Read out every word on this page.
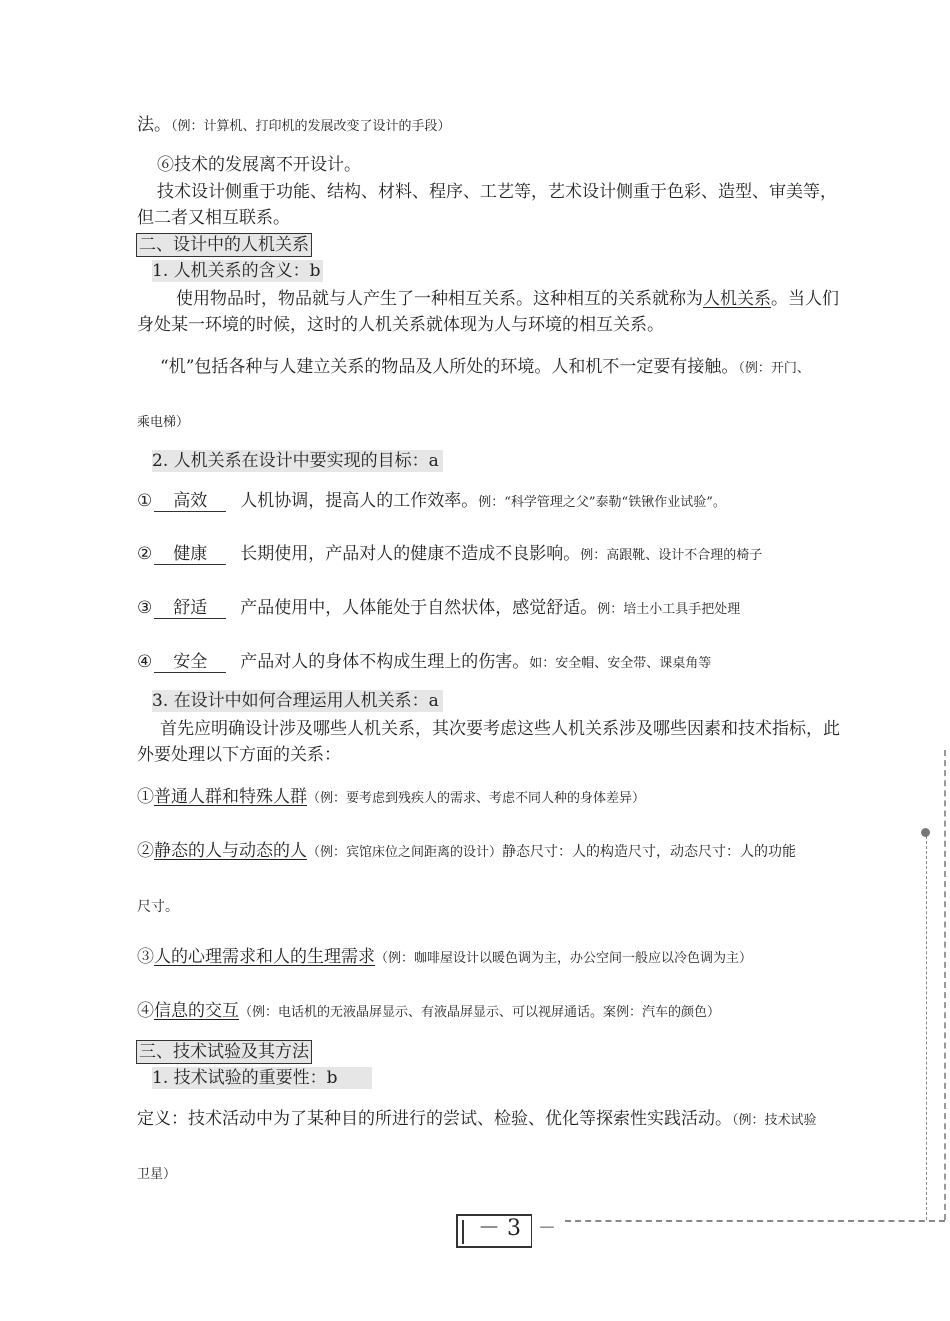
法。（例：计算机、打印机的发展改变了设计的手段）
⑥技术的发展离不开设计。
技术设计侧重于功能、结构、材料、程序、工艺等，艺术设计侧重于色彩、造型、审美等，
但二者又相互联系。
二、设计中的人机关系
1. 人机关系的含义：b
使用物品时，物品就与人产生了一种相互关系。这种相互的关系就称为人机关系。当人们
身处某一环境的时候，这时的人机关系就体现为人与环境的相互关系。
“机”包括各种与人建立关系的物品及人所处的环境。人和机不一定要有接触。（例：开门、
乘电梯）
2. 人机关系在设计中要实现的目标：a
① 高效 人机协调，提高人的工作效率。例：“科学管理之父”泰勒“铁锹作业试验”。
② 健康 长期使用，产品对人的健康不造成不良影响。例：高跟靴、设计不合理的椅子
③ 舒适 产品使用中，人体能处于自然状体，感觉舒适。例：培土小工具手把处理
④ 安全 产品对人的身体不构成生理上的伤害。如：安全帽、安全带、课桌角等
3. 在设计中如何合理运用人机关系：a
首先应明确设计涉及哪些人机关系，其次要考虑这些人机关系涉及哪些因素和技术指标，此
外要处理以下方面的关系：
①普通人群和特殊人群（例：要考虑到残疾人的需求、考虑不同人种的身体差异）
②静态的人与动态的人（例：宾馆床位之间距离的设计）静态尺寸：人的构造尺寸，动态尺寸：人的功能
尺寸。
③人的心理需求和人的生理需求（例：咖啡屋设计以暖色调为主，办公空间一般应以冷色调为主）
④信息的交互（例：电话机的无液晶屏显示、有液晶屏显示、可以视屏通话。案例：汽车的颜色）
三、技术试验及其方法
1. 技术试验的重要性：b
定义：技术活动中为了某种目的所进行的尝试、检验、优化等探索性实践活动。（例：技术试验
卫星）
－ 3 －
